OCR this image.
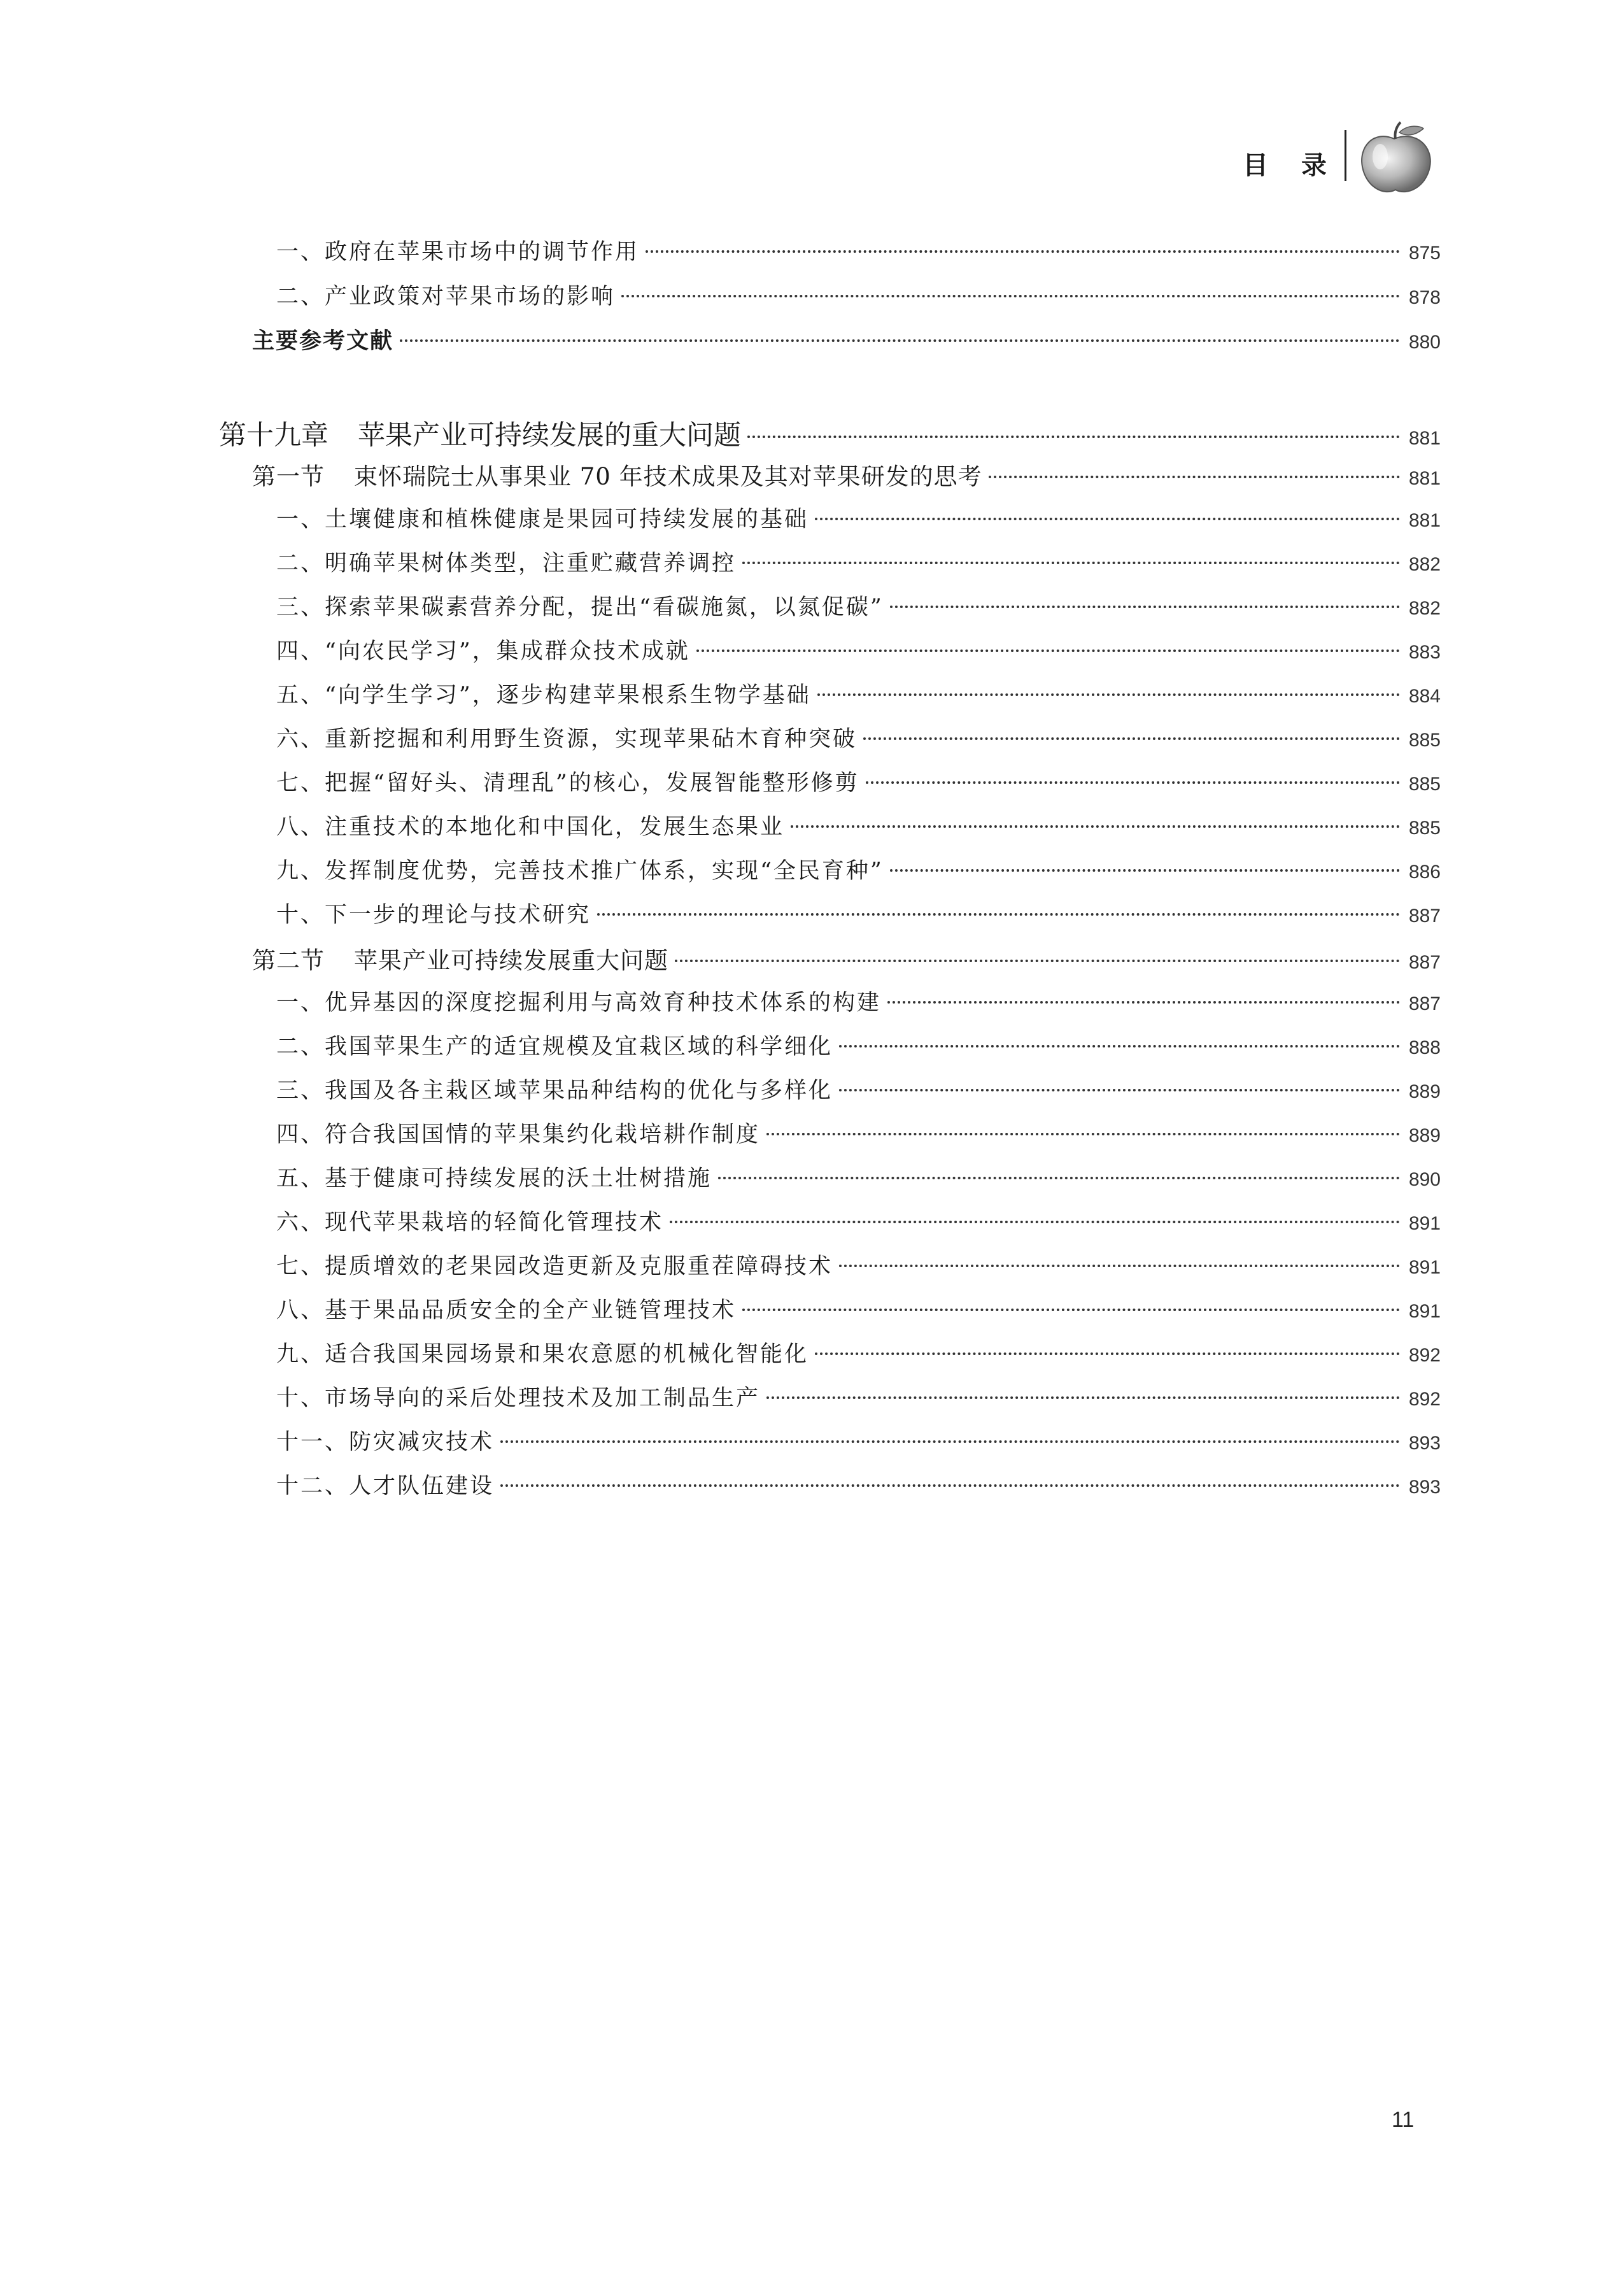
目　录
一、政府在苹果市场中的调节作用	875
二、产业政策对苹果市场的影响	878
主要参考文献	880
第十九章 苹果产业可持续发展的重大问题	881
第一节 束怀瑞院士从事果业 70 年技术成果及其对苹果研发的思考	881
一、土壤健康和植株健康是果园可持续发展的基础	881
二、明确苹果树体类型，注重贮藏营养调控	882
三、探索苹果碳素营养分配，提出“看碳施氮，以氮促碳”	882
四、“向农民学习”，集成群众技术成就	883
五、“向学生学习”，逐步构建苹果根系生物学基础	884
六、重新挖掘和利用野生资源，实现苹果砧木育种突破	885
七、把握“留好头、清理乱”的核心，发展智能整形修剪	885
八、注重技术的本地化和中国化，发展生态果业	885
九、发挥制度优势，完善技术推广体系，实现“全民育种”	886
十、下一步的理论与技术研究	887
第二节 苹果产业可持续发展重大问题	887
一、优异基因的深度挖掘利用与高效育种技术体系的构建	887
二、我国苹果生产的适宜规模及宜栽区域的科学细化	888
三、我国及各主栽区域苹果品种结构的优化与多样化	889
四、符合我国国情的苹果集约化栽培耕作制度	889
五、基于健康可持续发展的沃土壮树措施	890
六、现代苹果栽培的轻简化管理技术	891
七、提质增效的老果园改造更新及克服重茬障碍技术	891
八、基于果品品质安全的全产业链管理技术	891
九、适合我国果园场景和果农意愿的机械化智能化	892
十、市场导向的采后处理技术及加工制品生产	892
十一、防灾减灾技术	893
十二、人才队伍建设	893
11
